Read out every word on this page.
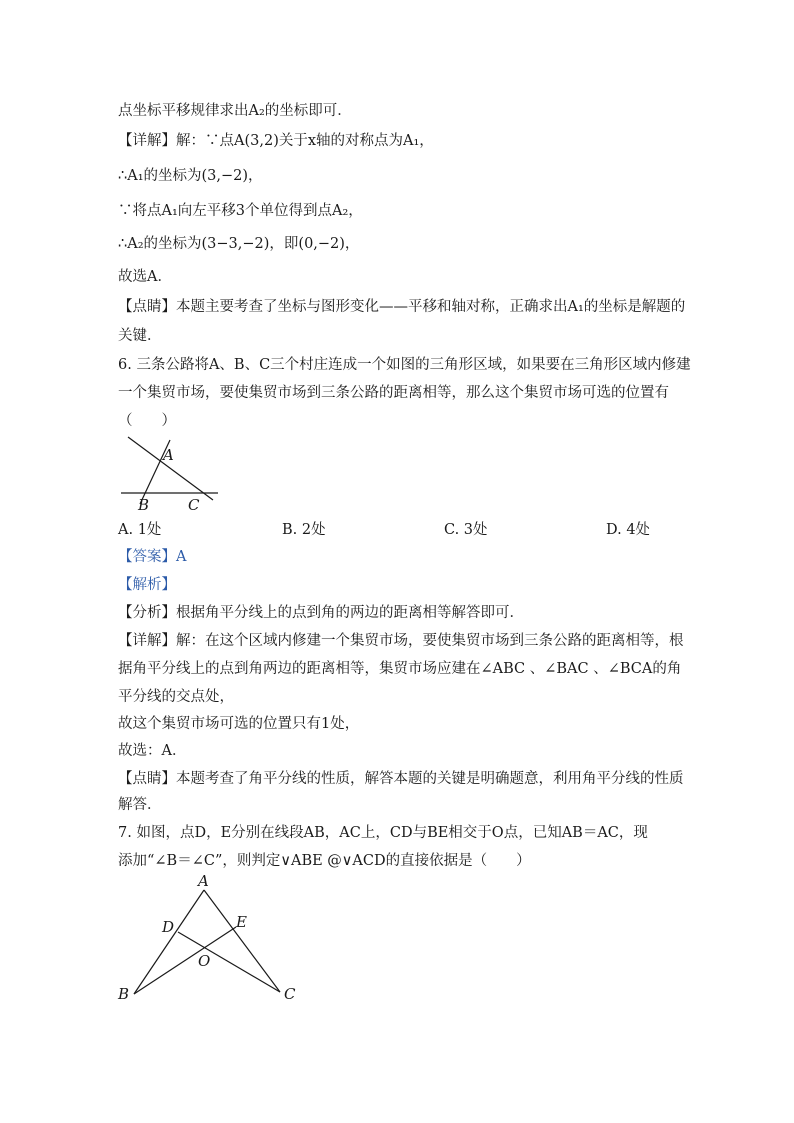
点坐标平移规律求出A₂的坐标即可．
【详解】解：∵点A(3,2)关于x轴的对称点为A₁，
∴A₁的坐标为(3,−2)，
∵将点A₁向左平移3个单位得到点A₂，
∴A₂的坐标为(3−3,−2)，即(0,−2)，
故选A．
【点睛】本题主要考查了坐标与图形变化——平移和轴对称，正确求出A₁的坐标是解题的
关键．
6. 三条公路将A、B、C三个村庄连成一个如图的三角形区域，如果要在三角形区域内修建
一个集贸市场，要使集贸市场到三条公路的距离相等，那么这个集贸市场可选的位置有
（　　）
A
B	C
A. 1处	B. 2处	C. 3处	D. 4处
【答案】A
【解析】
【分析】根据角平分线上的点到角的两边的距离相等解答即可．
【详解】解：在这个区域内修建一个集贸市场，要使集贸市场到三条公路的距离相等，根
据角平分线上的点到角两边的距离相等，集贸市场应建在∠ABC 、∠BAC 、∠BCA的角
平分线的交点处，
故这个集贸市场可选的位置只有1处，
故选：A．
【点睛】本题考查了角平分线的性质，解答本题的关键是明确题意，利用角平分线的性质
解答．
7. 如图，点D，E分别在线段AB，AC上，CD与BE相交于O点，已知AB＝AC，现
添加“∠B＝∠C”，则判定∨ABE @∨ACD的直接依据是（　　）
A
D	E
O
B	C
